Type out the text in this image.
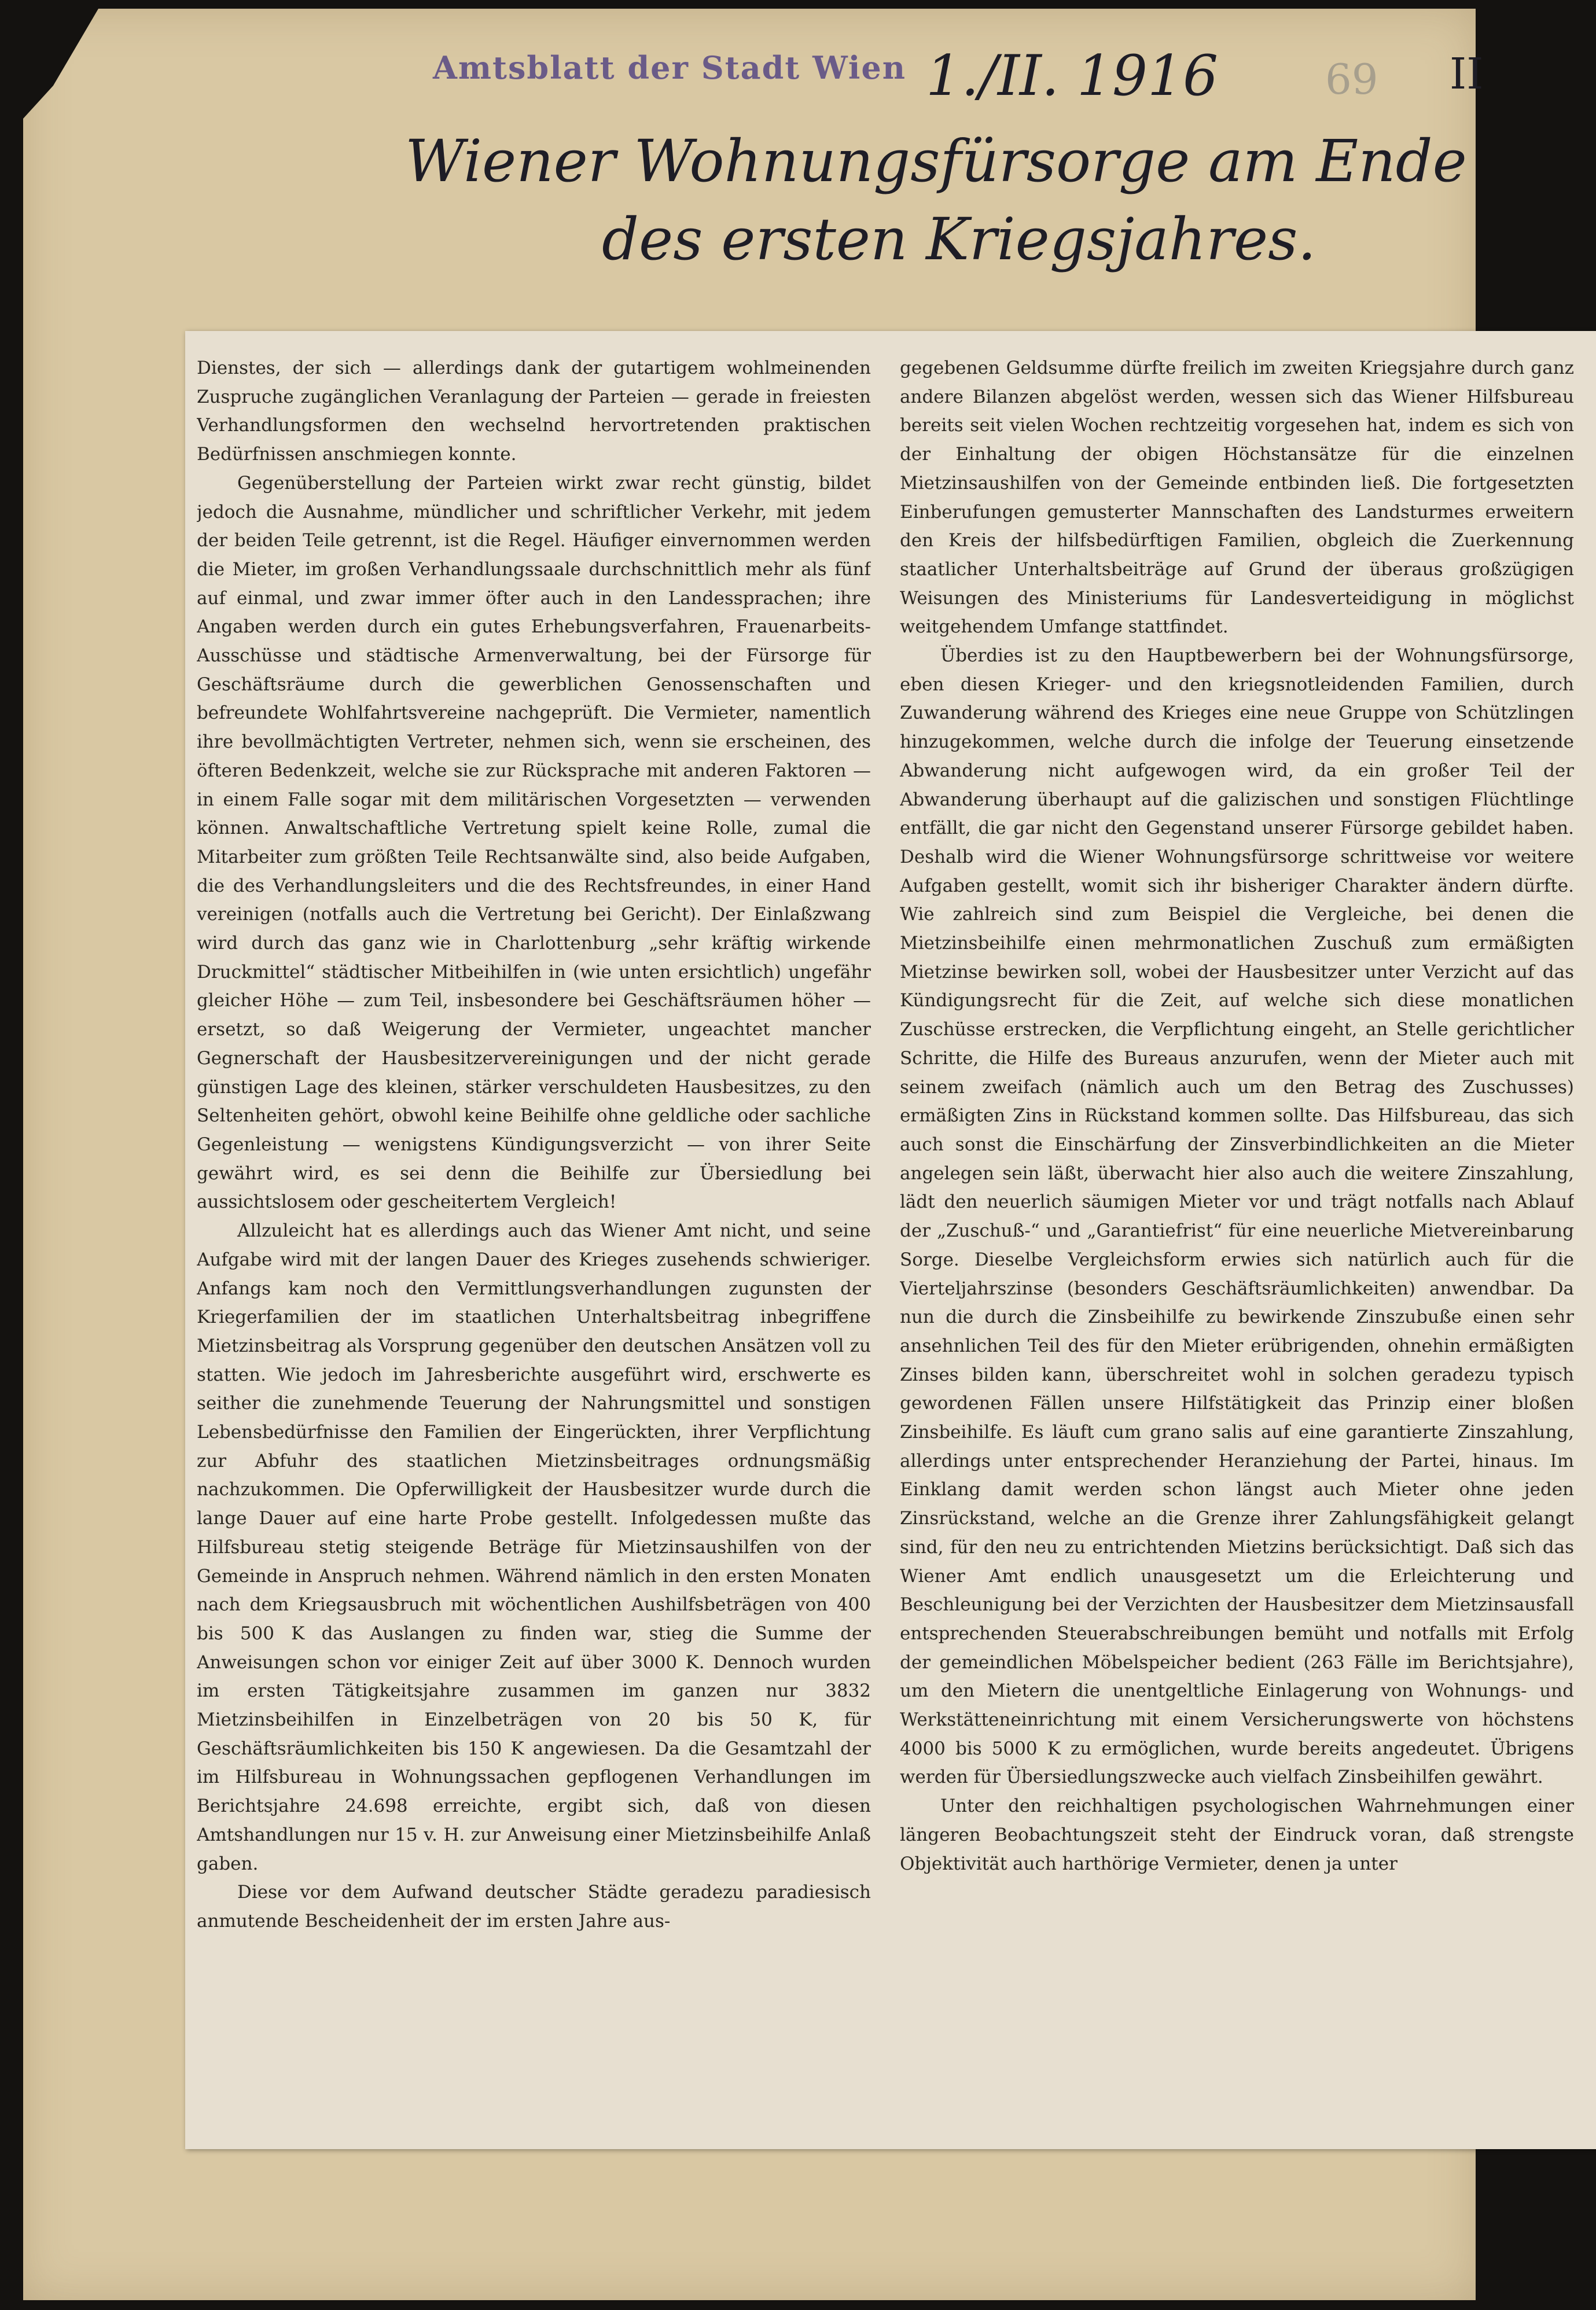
Amtsblatt der Stadt Wien 1./II. 1916	69 II
Wiener Wohnungsfürsorge am Ende
des ersten Kriegsjahres.

Dienstes, der sich — allerdings dank der gutartigem wohlmeinenden Zuspruche zugänglichen Veranlagung der Parteien — gerade in freiesten Verhandlungsformen den wechselnd hervortretenden praktischen Bedürfnissen anschmiegen konnte.

Gegenüberstellung der Parteien wirkt zwar recht günstig, bildet jedoch die Ausnahme, mündlicher und schriftlicher Verkehr, mit jedem der beiden Teile getrennt, ist die Regel. Häufiger einvernommen werden die Mieter, im großen Verhandlungssaale durchschnittlich mehr als fünf auf einmal, und zwar immer öfter auch in den Landessprachen; ihre Angaben werden durch ein gutes Erhebungsverfahren, Frauenarbeits-Ausschüsse und städtische Armenverwaltung, bei der Fürsorge für Geschäftsräume durch die gewerblichen Genossenschaften und befreundete Wohlfahrtsvereine nachgeprüft. Die Vermieter, namentlich ihre bevollmächtigten Vertreter, nehmen sich, wenn sie erscheinen, des öfteren Bedenkzeit, welche sie zur Rücksprache mit anderen Faktoren — in einem Falle sogar mit dem militärischen Vorgesetzten — verwenden können. Anwaltschaftliche Vertretung spielt keine Rolle, zumal die Mitarbeiter zum größten Teile Rechtsanwälte sind, also beide Aufgaben, die des Verhandlungsleiters und die des Rechtsfreundes, in einer Hand vereinigen (notfalls auch die Vertretung bei Gericht). Der Einlaßzwang wird durch das ganz wie in Charlottenburg „sehr kräftig wirkende Druckmittel“ städtischer Mitbeihilfen in (wie unten ersichtlich) ungefähr gleicher Höhe — zum Teil, insbesondere bei Geschäftsräumen höher — ersetzt, so daß Weigerung der Vermieter, ungeachtet mancher Gegnerschaft der Hausbesitzervereinigungen und der nicht gerade günstigen Lage des kleinen, stärker verschuldeten Hausbesitzes, zu den Seltenheiten gehört, obwohl keine Beihilfe ohne geldliche oder sachliche Gegenleistung — wenigstens Kündigungsverzicht — von ihrer Seite gewährt wird, es sei denn die Beihilfe zur Übersiedlung bei aussichtslosem oder gescheitertem Vergleich!

Allzuleicht hat es allerdings auch das Wiener Amt nicht, und seine Aufgabe wird mit der langen Dauer des Krieges zusehends schwieriger. Anfangs kam noch den Vermittlungsverhandlungen zugunsten der Kriegerfamilien der im staatlichen Unterhaltsbeitrag inbegriffene Mietzinsbeitrag als Vorsprung gegenüber den deutschen Ansätzen voll zu statten. Wie jedoch im Jahresberichte ausgeführt wird, erschwerte es seither die zunehmende Teuerung der Nahrungsmittel und sonstigen Lebensbedürfnisse den Familien der Eingerückten, ihrer Verpflichtung zur Abfuhr des staatlichen Mietzinsbeitrages ordnungsmäßig nachzukommen. Die Opferwilligkeit der Hausbesitzer wurde durch die lange Dauer auf eine harte Probe gestellt. Infolgedessen mußte das Hilfsbureau stetig steigende Beträge für Mietzinsaushilfen von der Gemeinde in Anspruch nehmen. Während nämlich in den ersten Monaten nach dem Kriegsausbruch mit wöchentlichen Aushilfsbeträgen von 400 bis 500 K das Auslangen zu finden war, stieg die Summe der Anweisungen schon vor einiger Zeit auf über 3000 K. Dennoch wurden im ersten Tätigkeitsjahre zusammen im ganzen nur 3832 Mietzinsbeihilfen in Einzelbeträgen von 20 bis 50 K, für Geschäftsräumlichkeiten bis 150 K angewiesen. Da die Gesamtzahl der im Hilfsbureau in Wohnungssachen gepflogenen Verhandlungen im Berichtsjahre 24.698 erreichte, ergibt sich, daß von diesen Amtshandlungen nur 15 v. H. zur Anweisung einer Mietzinsbeihilfe Anlaß gaben.

Diese vor dem Aufwand deutscher Städte geradezu paradiesisch anmutende Bescheidenheit der im ersten Jahre aus-

gegebenen Geldsumme dürfte freilich im zweiten Kriegsjahre durch ganz andere Bilanzen abgelöst werden, wessen sich das Wiener Hilfsbureau bereits seit vielen Wochen rechtzeitig vorgesehen hat, indem es sich von der Einhaltung der obigen Höchstansätze für die einzelnen Mietzinsaushilfen von der Gemeinde entbinden ließ. Die fortgesetzten Einberufungen gemusterter Mannschaften des Landsturmes erweitern den Kreis der hilfsbedürftigen Familien, obgleich die Zuerkennung staatlicher Unterhaltsbeiträge auf Grund der überaus großzügigen Weisungen des Ministeriums für Landesverteidigung in möglichst weitgehendem Umfange stattfindet.

Überdies ist zu den Hauptbewerbern bei der Wohnungsfürsorge, eben diesen Krieger- und den kriegsnotleidenden Familien, durch Zuwanderung während des Krieges eine neue Gruppe von Schützlingen hinzugekommen, welche durch die infolge der Teuerung einsetzende Abwanderung nicht aufgewogen wird, da ein großer Teil der Abwanderung überhaupt auf die galizischen und sonstigen Flüchtlinge entfällt, die gar nicht den Gegenstand unserer Fürsorge gebildet haben. Deshalb wird die Wiener Wohnungsfürsorge schrittweise vor weitere Aufgaben gestellt, womit sich ihr bisheriger Charakter ändern dürfte. Wie zahlreich sind zum Beispiel die Vergleiche, bei denen die Mietzinsbeihilfe einen mehrmonatlichen Zuschuß zum ermäßigten Mietzinse bewirken soll, wobei der Hausbesitzer unter Verzicht auf das Kündigungsrecht für die Zeit, auf welche sich diese monatlichen Zuschüsse erstrecken, die Verpflichtung eingeht, an Stelle gerichtlicher Schritte, die Hilfe des Bureaus anzurufen, wenn der Mieter auch mit seinem zweifach (nämlich auch um den Betrag des Zuschusses) ermäßigten Zins in Rückstand kommen sollte. Das Hilfsbureau, das sich auch sonst die Einschärfung der Zinsverbindlichkeiten an die Mieter angelegen sein läßt, überwacht hier also auch die weitere Zinszahlung, lädt den neuerlich säumigen Mieter vor und trägt notfalls nach Ablauf der „Zuschuß-“ und „Garantiefrist“ für eine neuerliche Mietvereinbarung Sorge. Dieselbe Vergleichsform erwies sich natürlich auch für die Vierteljahrszinse (besonders Geschäftsräumlichkeiten) anwendbar. Da nun die durch die Zinsbeihilfe zu bewirkende Zinszubuße einen sehr ansehnlichen Teil des für den Mieter erübrigenden, ohnehin ermäßigten Zinses bilden kann, überschreitet wohl in solchen geradezu typisch gewordenen Fällen unsere Hilfstätigkeit das Prinzip einer bloßen Zinsbeihilfe. Es läuft cum grano salis auf eine garantierte Zinszahlung, allerdings unter entsprechender Heranziehung der Partei, hinaus. Im Einklang damit werden schon längst auch Mieter ohne jeden Zinsrückstand, welche an die Grenze ihrer Zahlungsfähigkeit gelangt sind, für den neu zu entrichtenden Mietzins berücksichtigt. Daß sich das Wiener Amt endlich unausgesetzt um die Erleichterung und Beschleunigung bei der Verzichten der Hausbesitzer dem Mietzinsausfall entsprechenden Steuerabschreibungen bemüht und notfalls mit Erfolg der gemeindlichen Möbelspeicher bedient (263 Fälle im Berichtsjahre), um den Mietern die unentgeltliche Einlagerung von Wohnungs- und Werkstätteneinrichtung mit einem Versicherungswerte von höchstens 4000 bis 5000 K zu ermöglichen, wurde bereits angedeutet. Übrigens werden für Übersiedlungszwecke auch vielfach Zinsbeihilfen gewährt.

Unter den reichhaltigen psychologischen Wahrnehmungen einer längeren Beobachtungszeit steht der Eindruck voran, daß strengste Objektivität auch harthörige Vermieter, denen ja unter
